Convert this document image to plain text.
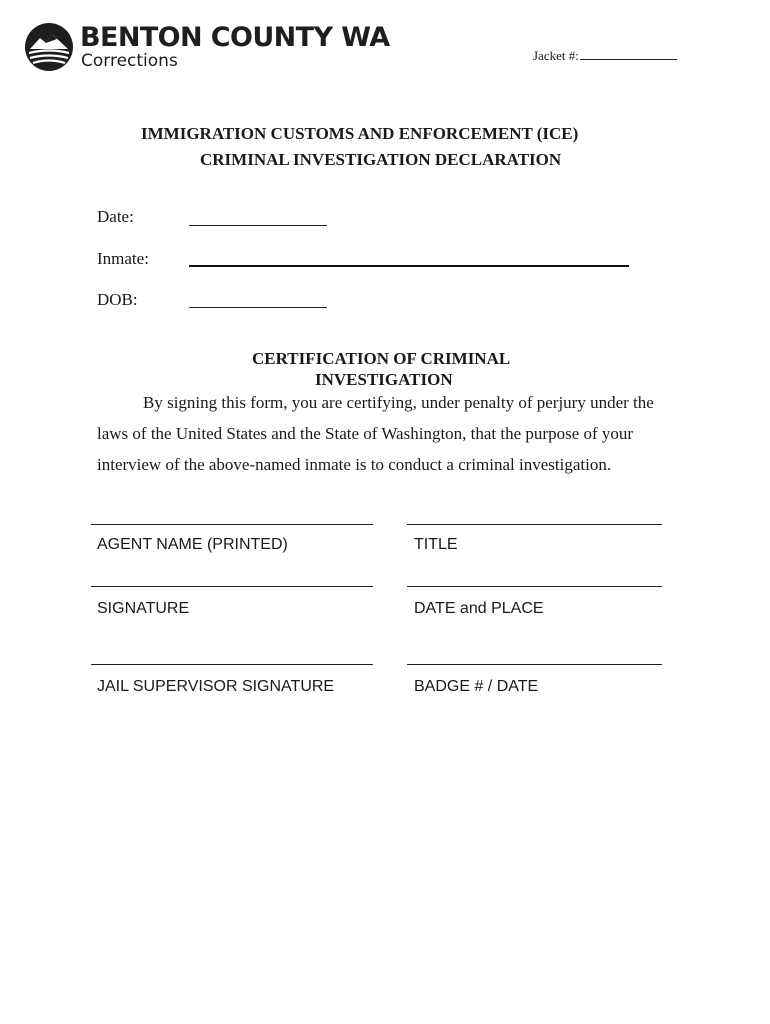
BENTON COUNTY WA
Corrections	Jacket #:
IMMIGRATION CUSTOMS AND ENFORCEMENT (ICE)
CRIMINAL INVESTIGATION DECLARATION
Date:
Inmate:
DOB:
CERTIFICATION OF CRIMINAL
INVESTIGATION
By signing this form, you are certifying, under penalty of perjury under the
laws of the United States and the State of Washington, that the purpose of your
interview of the above-named inmate is to conduct a criminal investigation.
AGENT NAME (PRINTED)	TITLE
SIGNATURE	DATE and PLACE
JAIL SUPERVISOR SIGNATURE	BADGE # / DATE
